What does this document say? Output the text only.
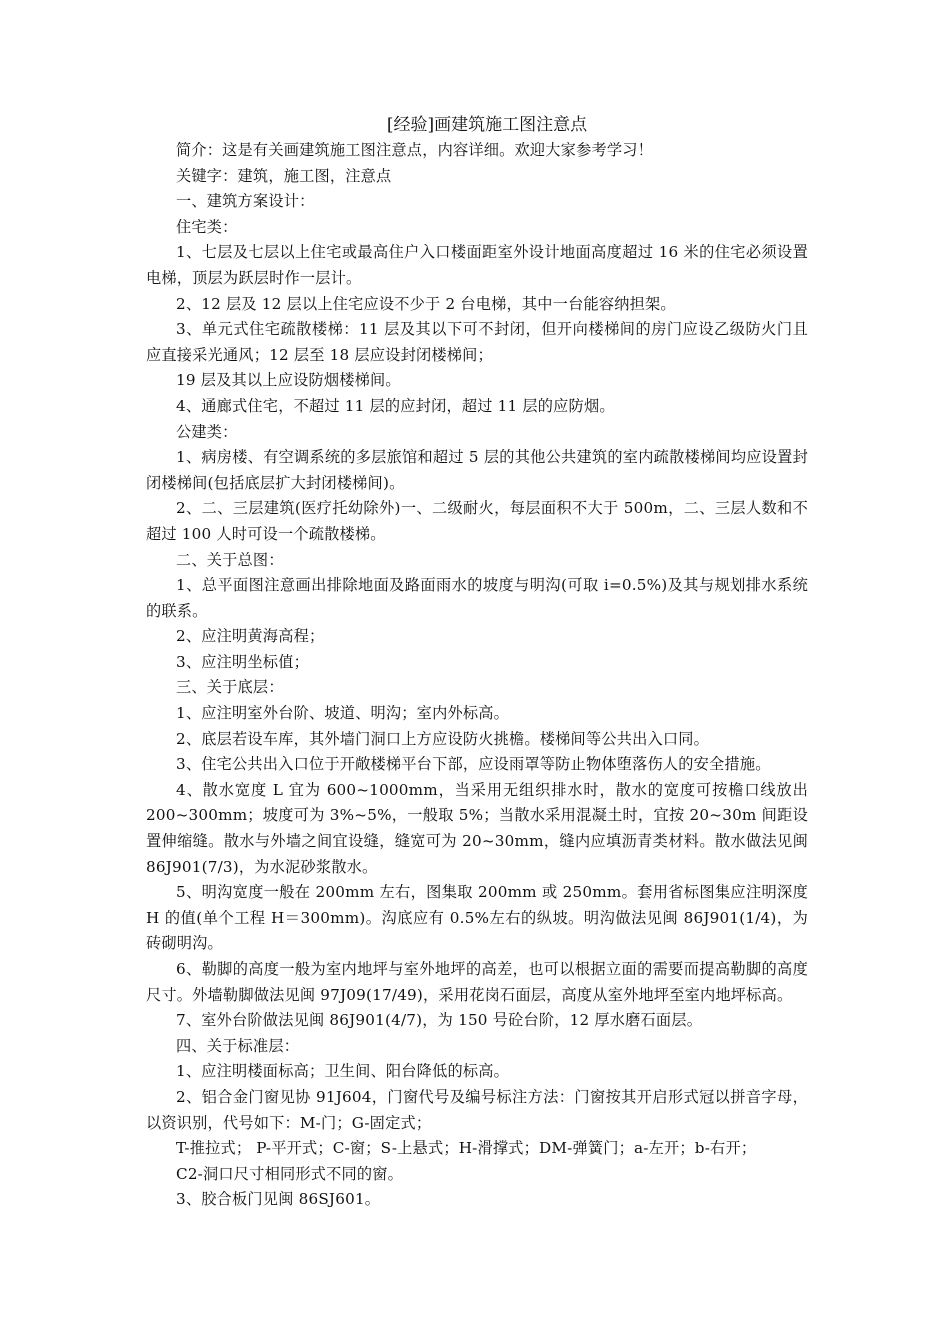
[经验]画建筑施工图注意点

简介：这是有关画建筑施工图注意点，内容详细。欢迎大家参考学习！

关键字：建筑，施工图，注意点

一、建筑方案设计：

住宅类：

1、七层及七层以上住宅或最高住户入口楼面距室外设计地面高度超过 16 米的住宅必须设置电梯，顶层为跃层时作一层计。

2、12 层及 12 层以上住宅应设不少于 2 台电梯，其中一台能容纳担架。

3、单元式住宅疏散楼梯：11 层及其以下可不封闭，但开向楼梯间的房门应设乙级防火门且应直接采光通风；12 层至 18 层应设封闭楼梯间；

19 层及其以上应设防烟楼梯间。

4、通廊式住宅，不超过 11 层的应封闭，超过 11 层的应防烟。

公建类：

1、病房楼、有空调系统的多层旅馆和超过 5 层的其他公共建筑的室内疏散楼梯间均应设置封闭楼梯间(包括底层扩大封闭楼梯间)。

2、二、三层建筑(医疗托幼除外)一、二级耐火，每层面积不大于 500m，二、三层人数和不超过 100 人时可设一个疏散楼梯。

二、关于总图：

1、总平面图注意画出排除地面及路面雨水的坡度与明沟(可取 i=0.5%)及其与规划排水系统的联系。

2、应注明黄海高程；

3、应注明坐标值；

三、关于底层：

1、应注明室外台阶、坡道、明沟；室内外标高。

2、底层若设车库，其外墙门洞口上方应设防火挑檐。楼梯间等公共出入口同。

3、住宅公共出入口位于开敞楼梯平台下部，应设雨罩等防止物体堕落伤人的安全措施。

4、散水宽度 L 宜为 600~1000mm，当采用无组织排水时，散水的宽度可按檐口线放出 200~300mm；坡度可为 3%~5%，一般取 5%；当散水采用混凝土时，宜按 20~30m 间距设置伸缩缝。散水与外墙之间宜设缝，缝宽可为 20~30mm，缝内应填沥青类材料。散水做法见闽 86J901(7/3)，为水泥砂浆散水。

5、明沟宽度一般在 200mm 左右，图集取 200mm 或 250mm。套用省标图集应注明深度 H 的值(单个工程 H＝300mm)。沟底应有 0.5%左右的纵坡。明沟做法见闽 86J901(1/4)，为砖砌明沟。

6、勒脚的高度一般为室内地坪与室外地坪的高差，也可以根据立面的需要而提高勒脚的高度尺寸。外墙勒脚做法见闽 97J09(17/49)，采用花岗石面层，高度从室外地坪至室内地坪标高。

7、室外台阶做法见闽 86J901(4/7)，为 150 号砼台阶，12 厚水磨石面层。

四、关于标准层：

1、应注明楼面标高；卫生间、阳台降低的标高。

2、铝合金门窗见协 91J604，门窗代号及编号标注方法：门窗按其开启形式冠以拼音字母，以资识别，代号如下：M-门；G-固定式；

T-推拉式； P-平开式；C-窗；S-上悬式；H-滑撑式；DM-弹簧门；a-左开；b-右开；

C2-洞口尺寸相同形式不同的窗。

3、胶合板门见闽 86SJ601。
